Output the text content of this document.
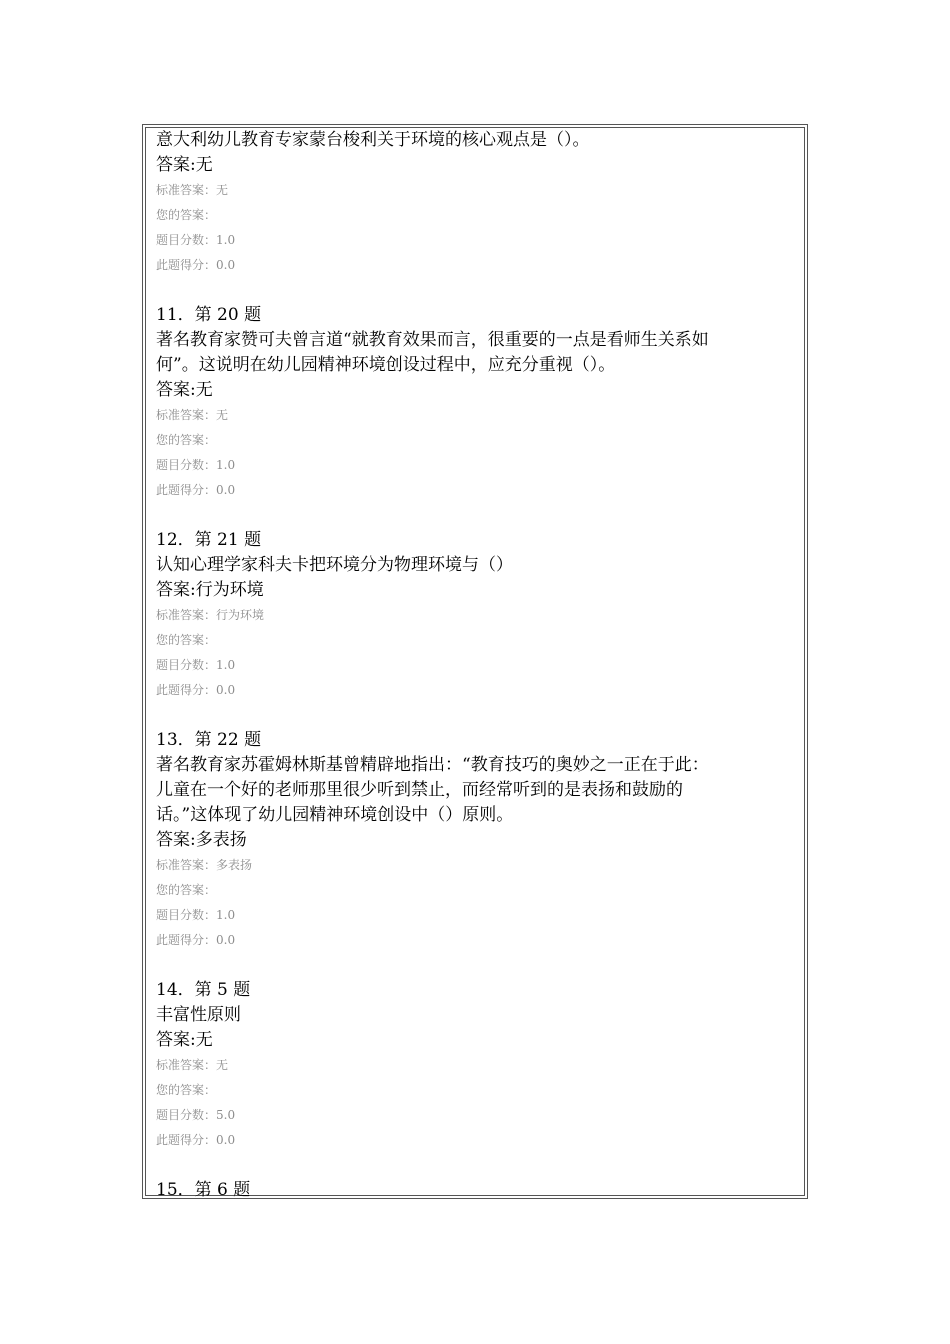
意大利幼儿教育专家蒙台梭利关于环境的核心观点是（）。
答案:无
标准答案：无
您的答案：
题目分数：1.0
此题得分：0.0
11．第 20 题
著名教育家赞可夫曾言道“就教育效果而言，很重要的一点是看师生关系如
何”。这说明在幼儿园精神环境创设过程中，应充分重视（）。
答案:无
标准答案：无
您的答案：
题目分数：1.0
此题得分：0.0
12．第 21 题
认知心理学家科夫卡把环境分为物理环境与（）
答案:行为环境
标准答案：行为环境
您的答案：
题目分数：1.0
此题得分：0.0
13．第 22 题
著名教育家苏霍姆林斯基曾精辟地指出：“教育技巧的奥妙之一正在于此：
儿童在一个好的老师那里很少听到禁止，而经常听到的是表扬和鼓励的
话。”这体现了幼儿园精神环境创设中（）原则。
答案:多表扬
标准答案：多表扬
您的答案：
题目分数：1.0
此题得分：0.0
14．第 5 题
丰富性原则
答案:无
标准答案：无
您的答案：
题目分数：5.0
此题得分：0.0
15．第 6 题
